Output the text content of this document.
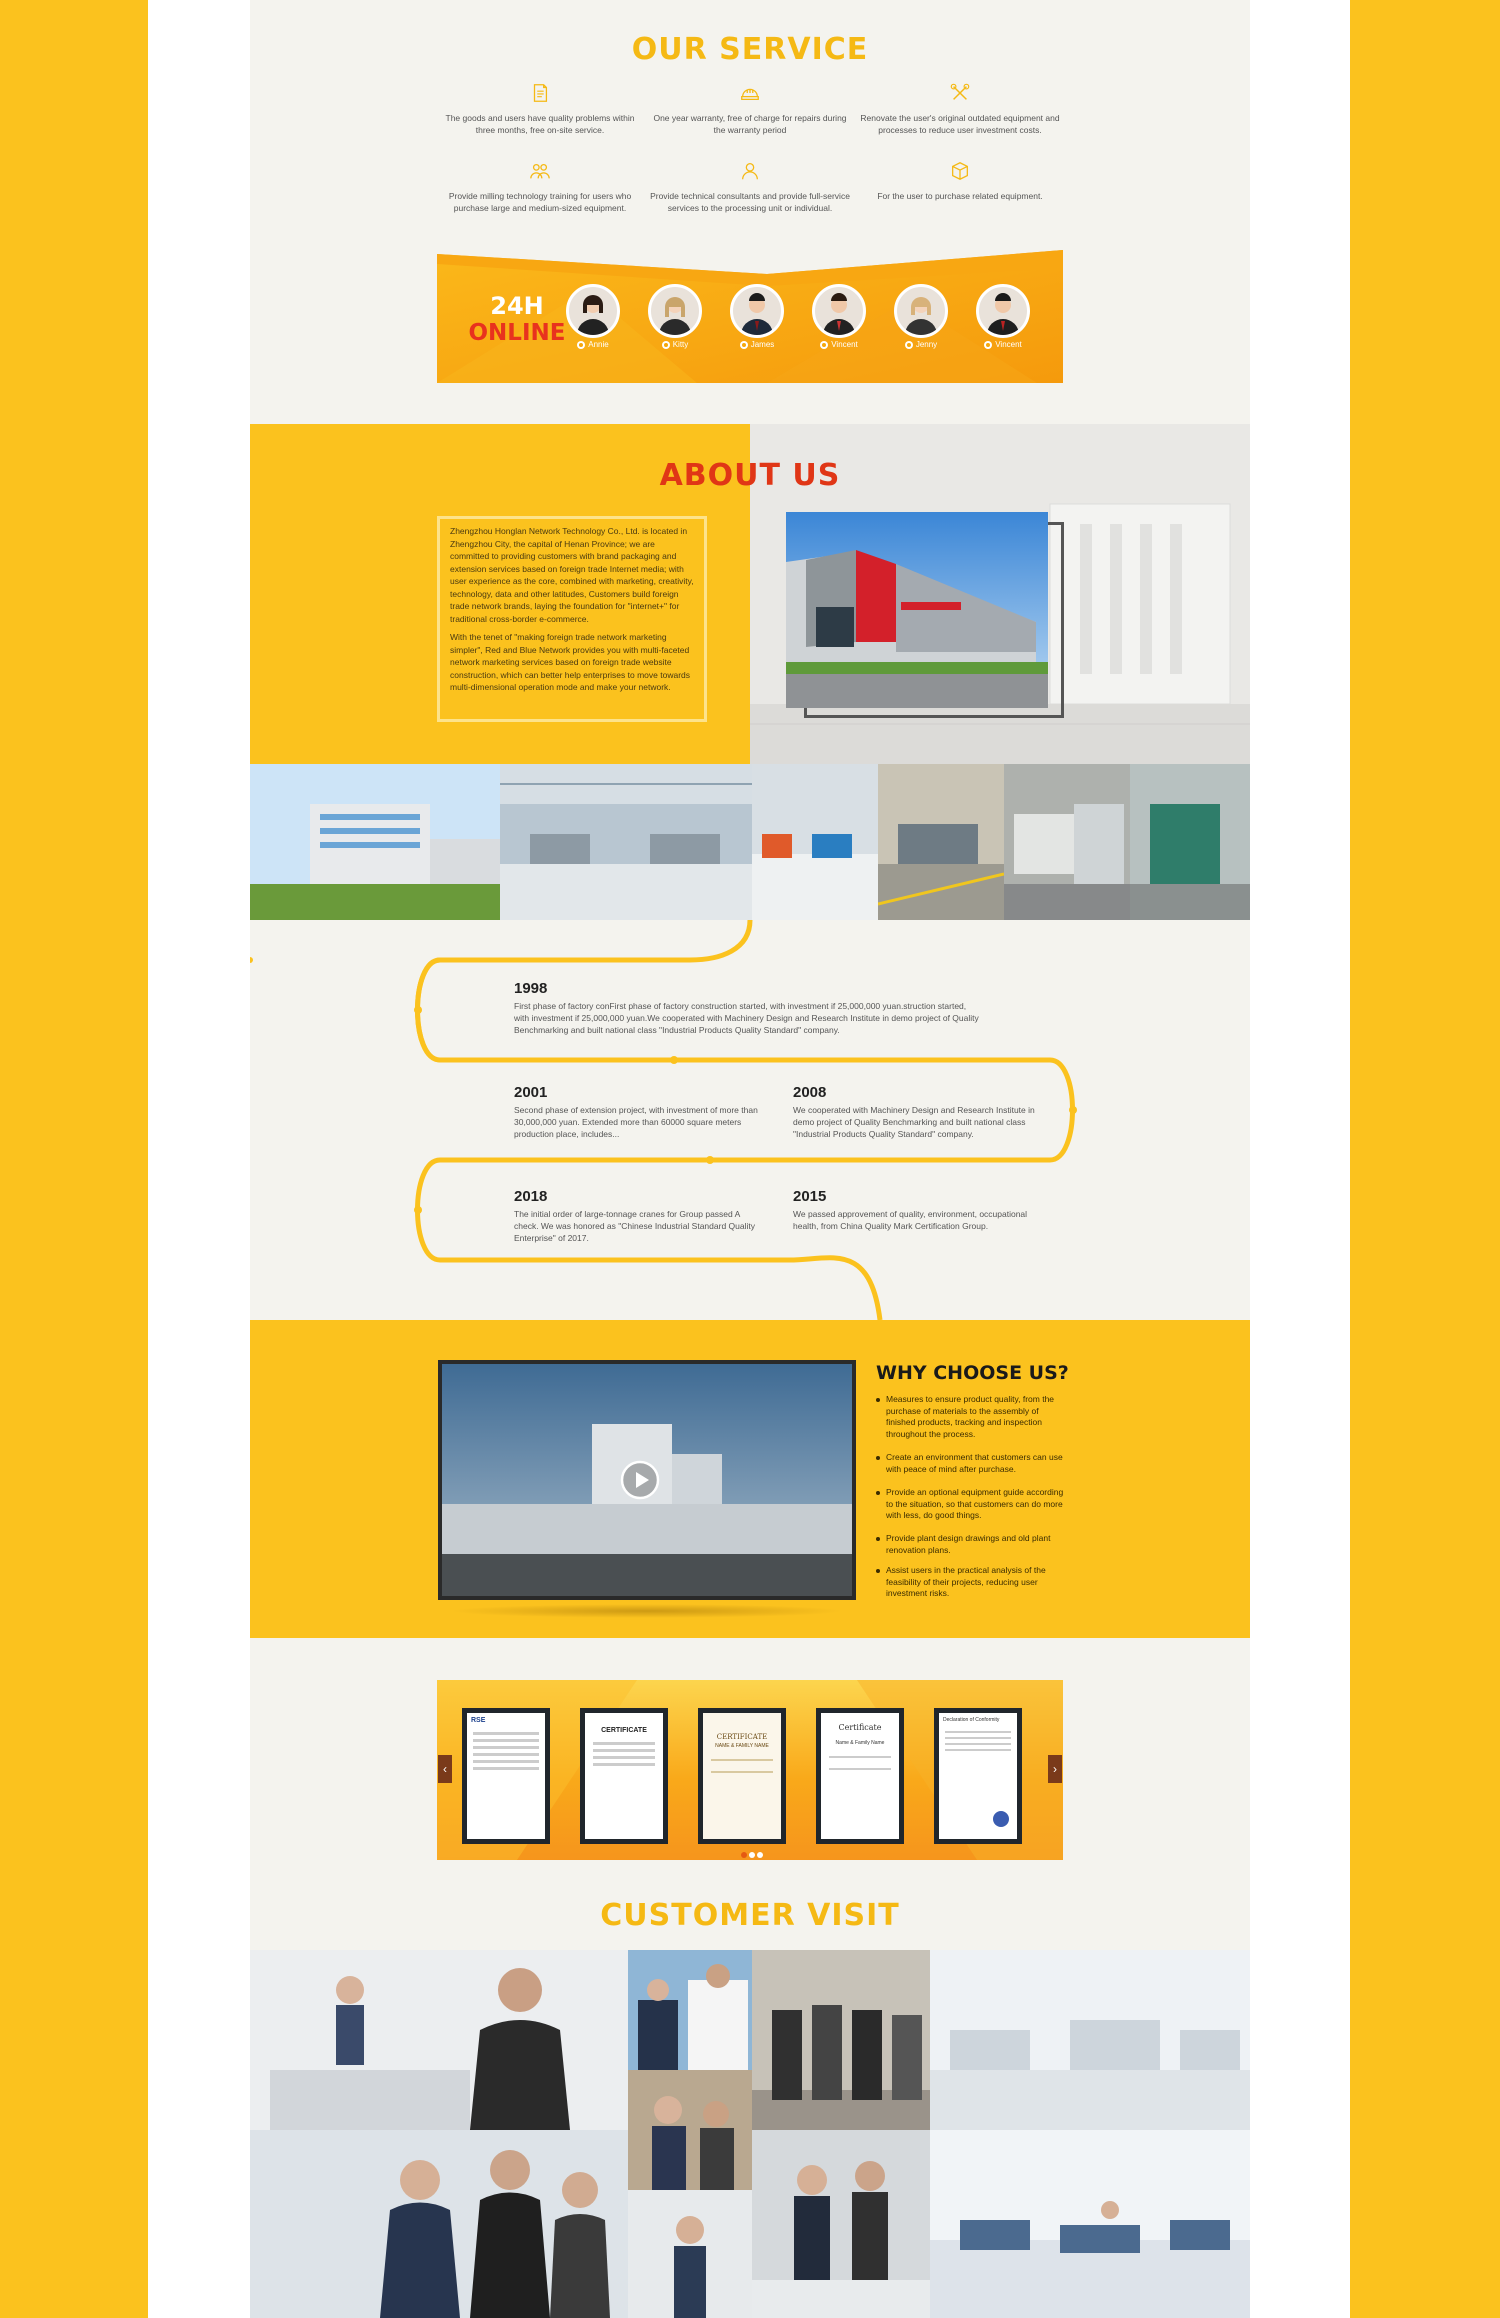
OUR SERVICE

The goods and users have quality problems within three months, free on-site service.

One year warranty, free of charge for repairs during the warranty period

Renovate the user's original outdated equipment and processes to reduce user investment costs.

Provide milling technology training for users who purchase large and medium-sized equipment.

Provide technical consultants and provide full-service services to the processing unit or individual.

For the user to purchase related equipment.

24H
ONLINE	Annie	Kitty	James	Vincent	Jenny	Vincent
ABOUT US

Zhengzhou Honglan Network Technology Co., Ltd. is located in Zhengzhou City, the capital of Henan Province; we are committed to providing customers with brand packaging and extension services based on foreign trade Internet media; with user experience as the core, combined with marketing, creativity, technology, data and other latitudes, Customers build foreign trade network brands, laying the foundation for "internet+" for traditional cross-border e-commerce.

With the tenet of "making foreign trade network marketing simpler", Red and Blue Network provides you with multi-faceted network marketing services based on foreign trade website construction, which can better help enterprises to move towards multi-dimensional operation mode and make your network.

1998
First phase of factory conFirst phase of factory construction started, with investment if 25,000,000 yuan.struction started, with investment if 25,000,000 yuan.We cooperated with Machinery Design and Research Institute in demo project of Quality Benchmarking and built national class "Industrial Products Quality Standard" company.
2001
Second phase of extension project, with investment of more than 30,000,000 yuan. Extended more than 60000 square meters production place, includes...
2008
We cooperated with Machinery Design and Research Institute in demo project of Quality Benchmarking and built national class "Industrial Products Quality Standard" company.
2018
The initial order of large-tonnage cranes for Group passed A check. We was honored as "Chinese Industrial Standard Quality Enterprise" of 2017.
2015
We passed approvement of quality, environment, occupational health, from China Quality Mark Certification Group.
WHY CHOOSE US?
Measures to ensure product quality, from the purchase of materials to the assembly of finished products, tracking and inspection throughout the process.
Create an environment that customers can use with peace of mind after purchase.
Provide an optional equipment guide according to the situation, so that customers can do more with less, do good things.
Provide plant design drawings and old plant renovation plans.
Assist users in the practical analysis of the feasibility of their projects, reducing user investment risks.
‹	›
RSE
CERTIFICATE
CERTIFICATE
NAME & FAMILY NAME
Certificate
Name & Family Name
Declaration of Conformity
CUSTOMER VISIT
